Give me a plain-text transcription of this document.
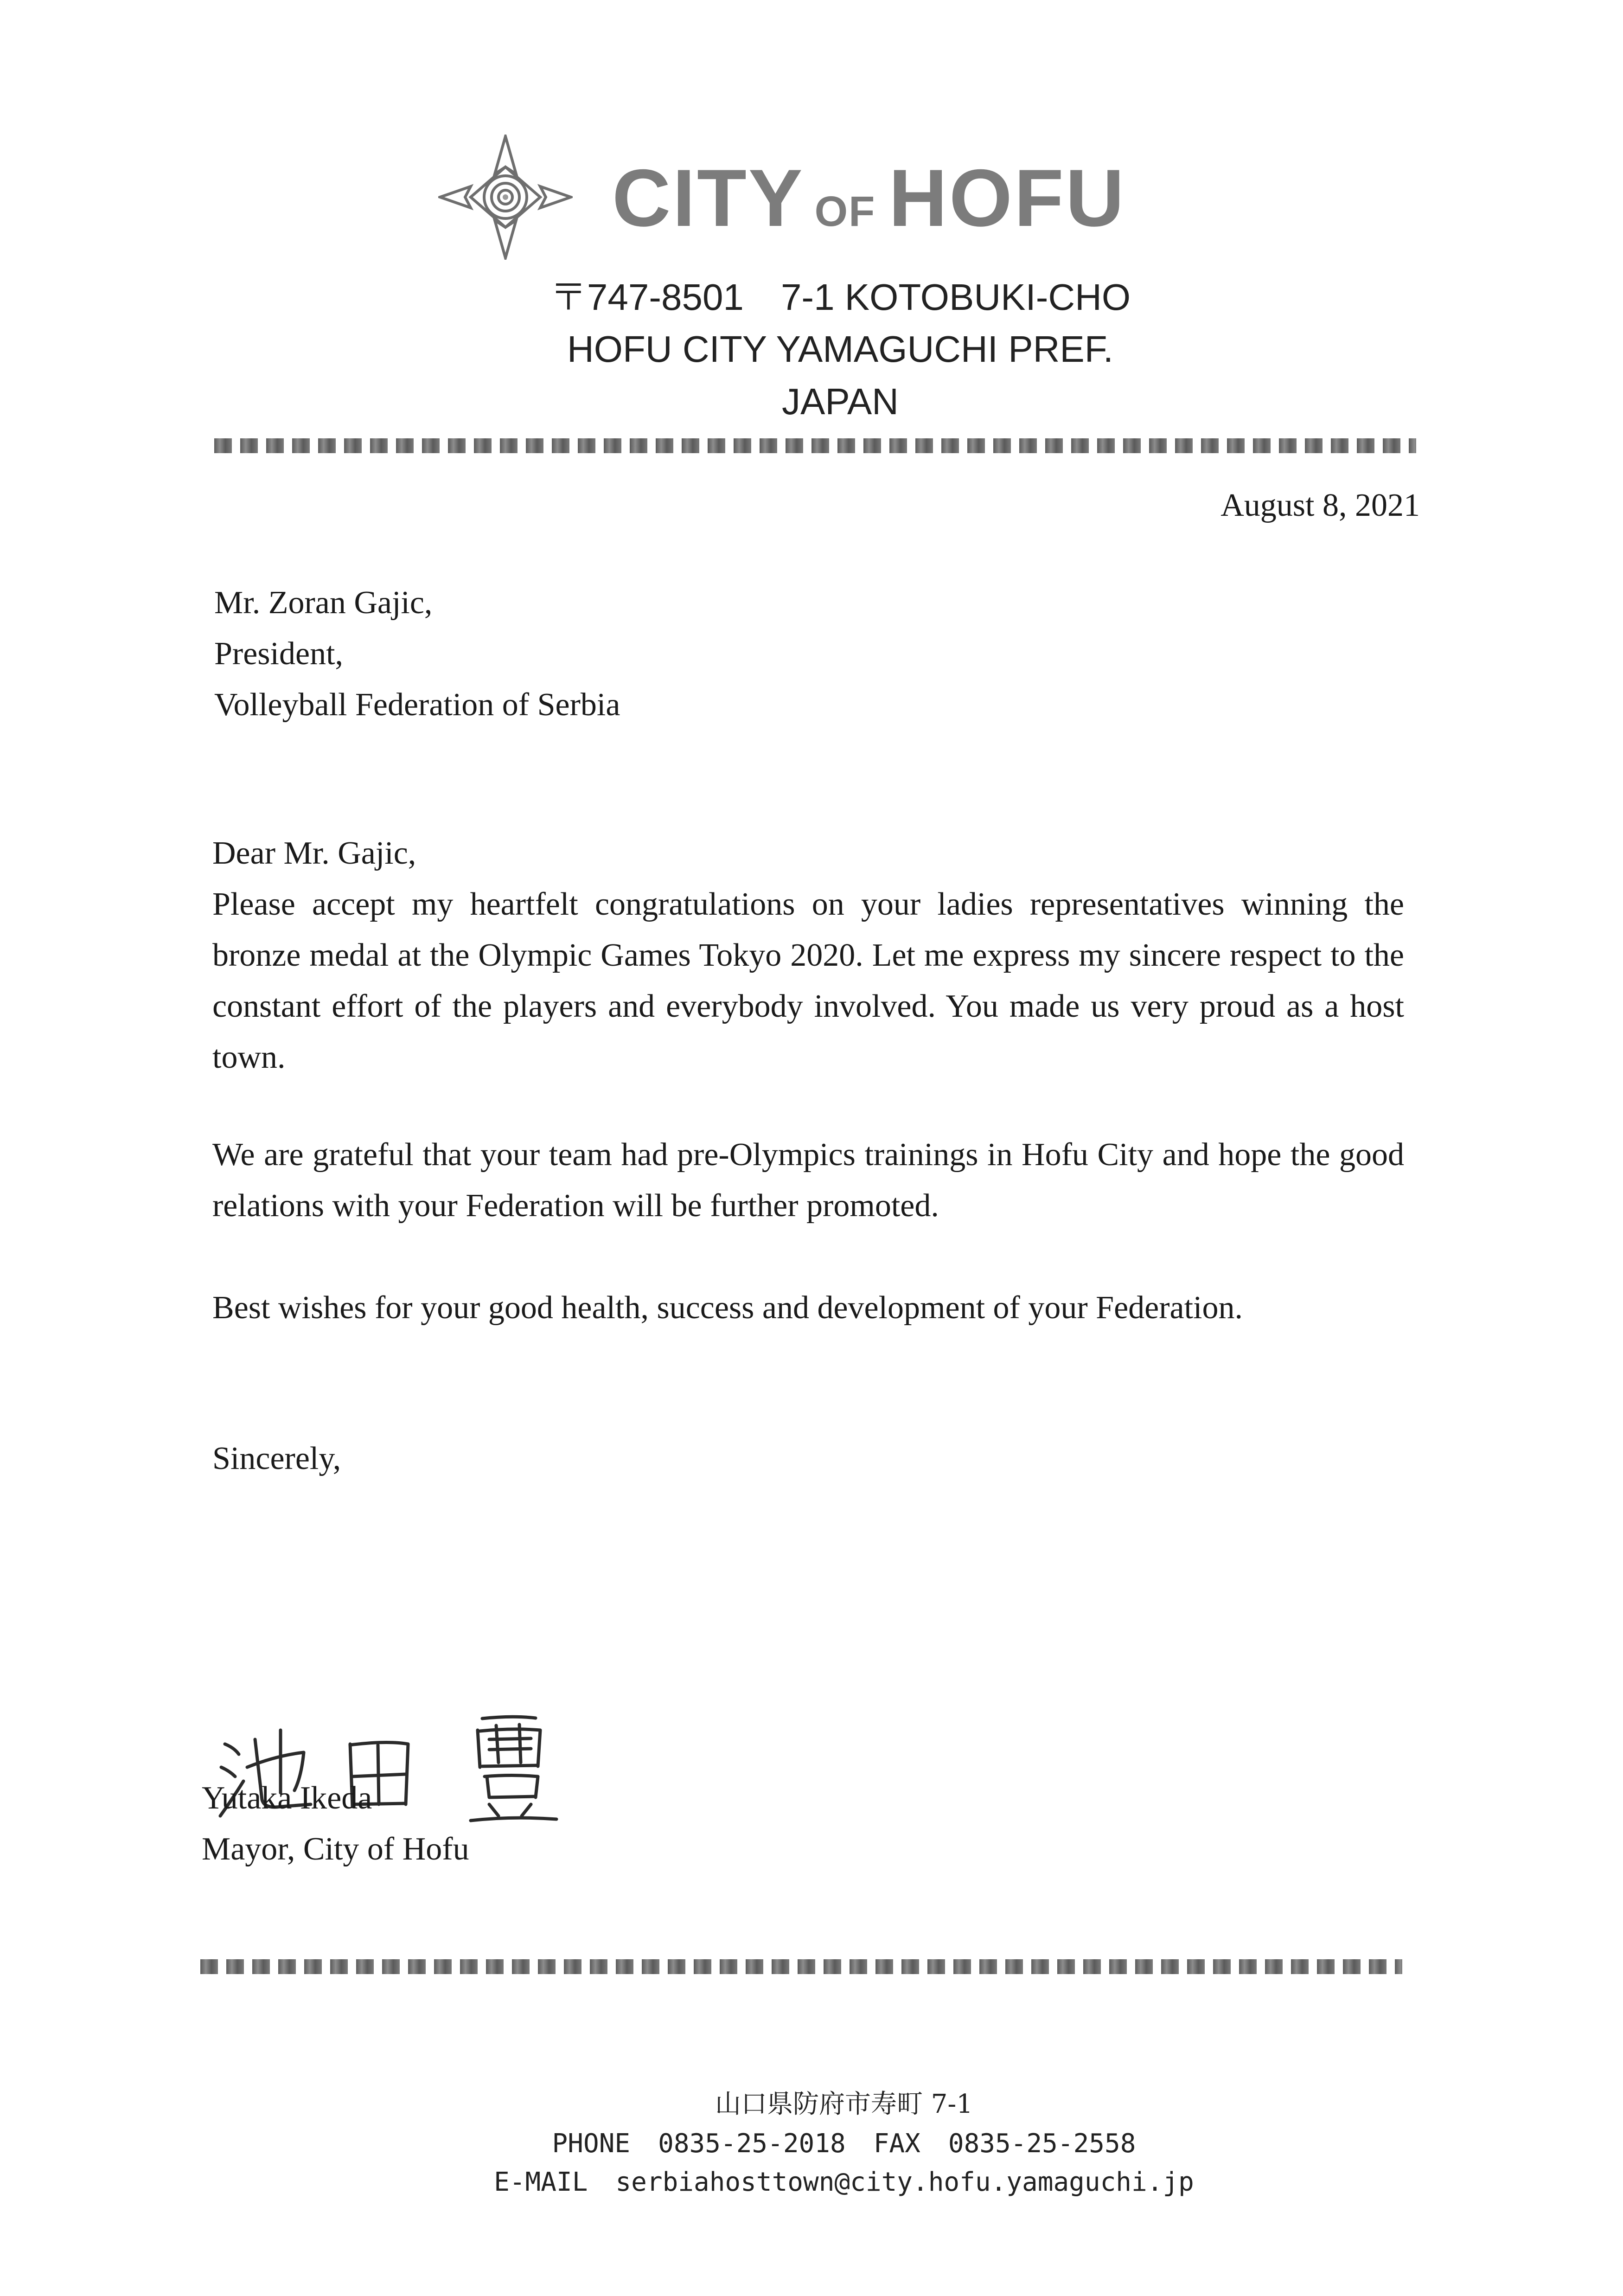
CITY OF HOFU
〒747-8501 7-1 KOTOBUKI-CHO
HOFU CITY YAMAGUCHI PREF.
JAPAN
August 8, 2021
Mr. Zoran Gajic,
President,
Volleyball Federation of Serbia
Dear Mr. Gajic,
Please accept my heartfelt congratulations on your ladies representatives winning the bronze medal at the Olympic Games Tokyo 2020. Let me express my sincere respect to the constant effort of the players and everybody involved. You made us very proud as a host town.
We are grateful that your team had pre-Olympics trainings in Hofu City and hope the good relations with your Federation will be further promoted.
Best wishes for your good health, success and development of your Federation.
Sincerely,
Yutaka Ikeda
Mayor, City of Hofu
山口県防府市寿町 7-1
PHONE 0835-25-2018 FAX 0835-25-2558
E-MAIL serbiahosttown@city.hofu.yamaguchi.jp
